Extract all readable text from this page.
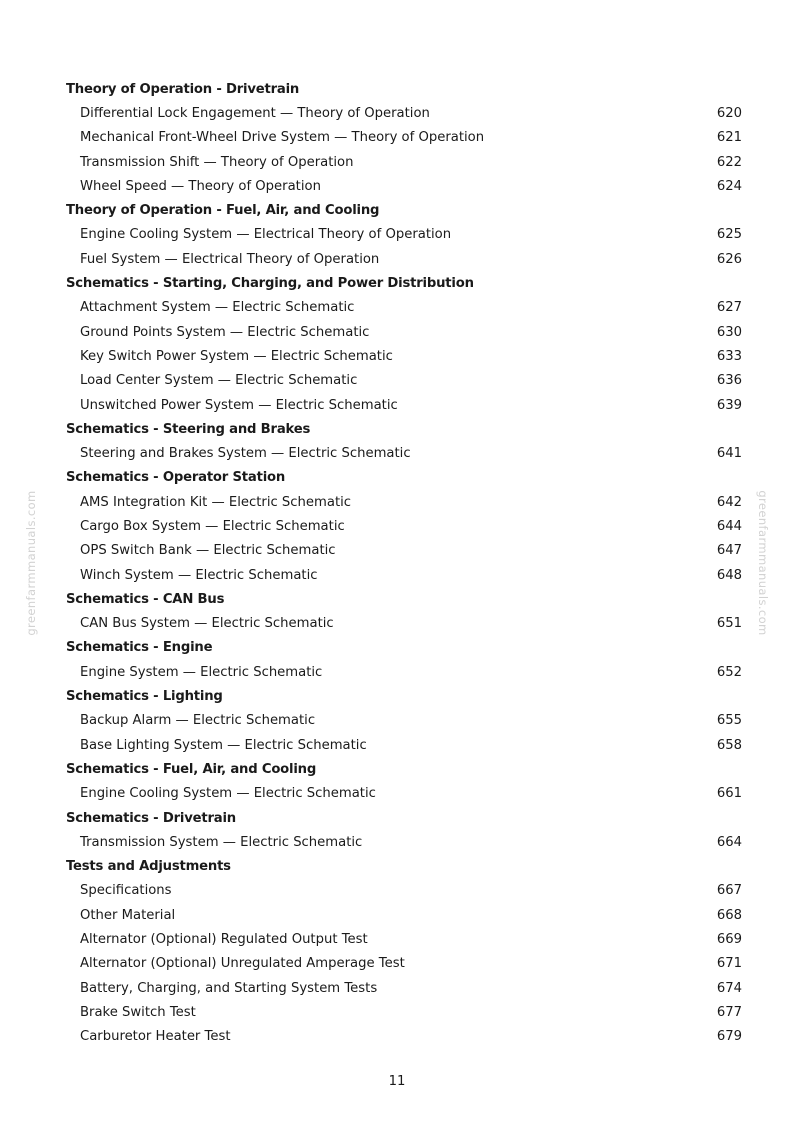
greenfarmmanuals.com	greenfarmmanuals.com
Theory of Operation - Drivetrain
Differential Lock Engagement — Theory of Operation	620
Mechanical Front-Wheel Drive System — Theory of Operation	621
Transmission Shift — Theory of Operation	622
Wheel Speed — Theory of Operation	624
Theory of Operation - Fuel, Air, and Cooling
Engine Cooling System — Electrical Theory of Operation	625
Fuel System — Electrical Theory of Operation	626
Schematics - Starting, Charging, and Power Distribution
Attachment System — Electric Schematic	627
Ground Points System — Electric Schematic	630
Key Switch Power System — Electric Schematic	633
Load Center System — Electric Schematic	636
Unswitched Power System — Electric Schematic	639
Schematics - Steering and Brakes
Steering and Brakes System — Electric Schematic	641
Schematics - Operator Station
AMS Integration Kit — Electric Schematic	642
Cargo Box System — Electric Schematic	644
OPS Switch Bank — Electric Schematic	647
Winch System — Electric Schematic	648
Schematics - CAN Bus
CAN Bus System — Electric Schematic	651
Schematics - Engine
Engine System — Electric Schematic	652
Schematics - Lighting
Backup Alarm — Electric Schematic	655
Base Lighting System — Electric Schematic	658
Schematics - Fuel, Air, and Cooling
Engine Cooling System — Electric Schematic	661
Schematics - Drivetrain
Transmission System — Electric Schematic	664
Tests and Adjustments
Specifications	667
Other Material	668
Alternator (Optional) Regulated Output Test	669
Alternator (Optional) Unregulated Amperage Test	671
Battery, Charging, and Starting System Tests	674
Brake Switch Test	677
Carburetor Heater Test	679
11
